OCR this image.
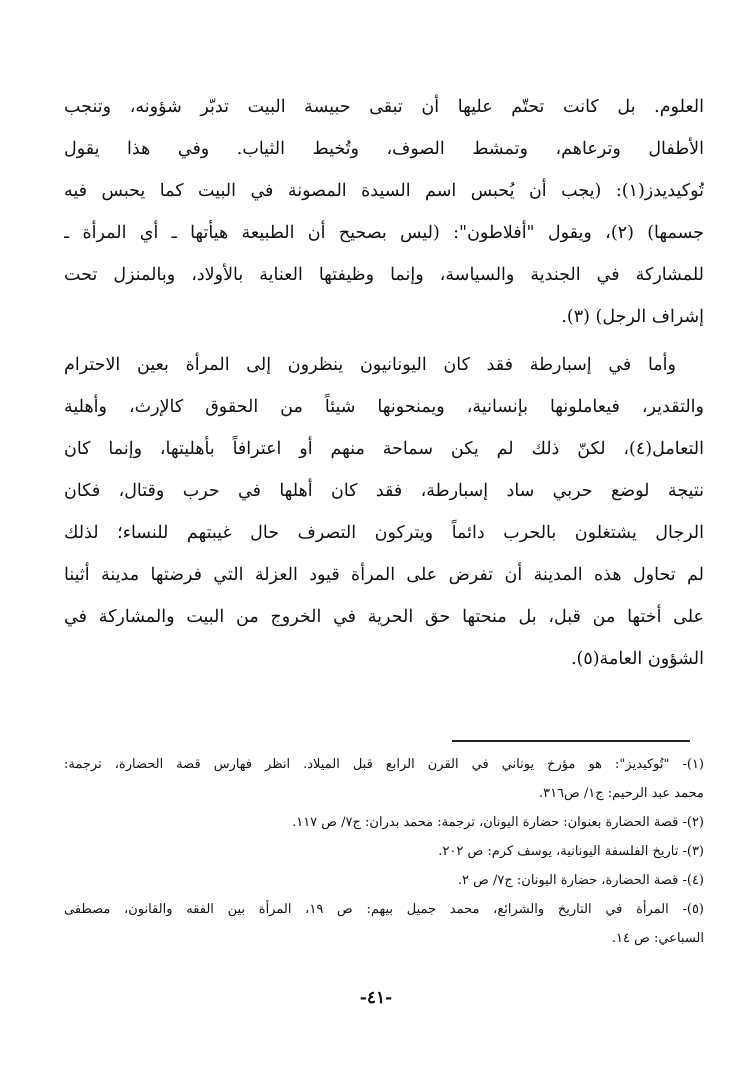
العلوم. بل كانت تحتّم عليها أن تبقى حبيسة البيت تدبّر شؤونه، وتنجب
الأطفال وترعاهم، وتمشط الصوف، وتُخيط الثياب. وفي هذا يقول
تُوكيديدز(١): (يجب أن يُحبس اسم السيدة المصونة في البيت كما يحبس فيه
جسمها) (٢)، ويقول "أفلاطون": (ليس بصحيح أن الطبيعة هيأتها ـ أي المرأة ـ
للمشاركة في الجندية والسياسة، وإنما وظيفتها العناية بالأولاد، وبالمنزل تحت
إشراف الرجل) (٣).
وأما في إسبارطة فقد كان اليونانيون ينظرون إلى المرأة بعين الاحترام
والتقدير، فيعاملونها بإنسانية، ويمنحونها شيئاً من الحقوق كالإرث، وأهلية
التعامل(٤)، لكنّ ذلك لم يكن سماحة منهم أو اعترافاً بأهليتها، وإنما كان
نتيجة لوضع حربي ساد إسبارطة، فقد كان أهلها في حرب وقتال، فكان
الرجال يشتغلون بالحرب دائماً ويتركون التصرف حال غيبتهم للنساء؛ لذلك
لم تحاول هذه المدينة أن تفرض على المرأة قيود العزلة التي فرضتها مدينة أثينا
على أختها من قبل، بل منحتها حق الحرية في الخروج من البيت والمشاركة في
الشؤون العامة(٥).
(١)- "تُوكيديز": هو مؤرخ يوناني في القرن الرابع قبل الميلاد. انظر فهارس قصة الحضارة، ترجمة:
محمد عبد الرحيم: ج١/ ص٣١٦.
(٢)- قصة الحضارة بعنوان: حضارة اليونان، ترجمة: محمد بدران: ج٧/ ص ١١٧.
(٣)- تاريخ الفلسفة اليونانية، يوسف كرم: ص ٢٠٢.
(٤)- قصة الحضارة، حضارة اليونان: ج٧/ ص ٢.
(٥)- المرأة في التاريخ والشرائع، محمد جميل بيهم: ص ١٩، المرأة بين الفقه والقانون، مصطفى
السباعي: ص ١٤.
-٤١-
